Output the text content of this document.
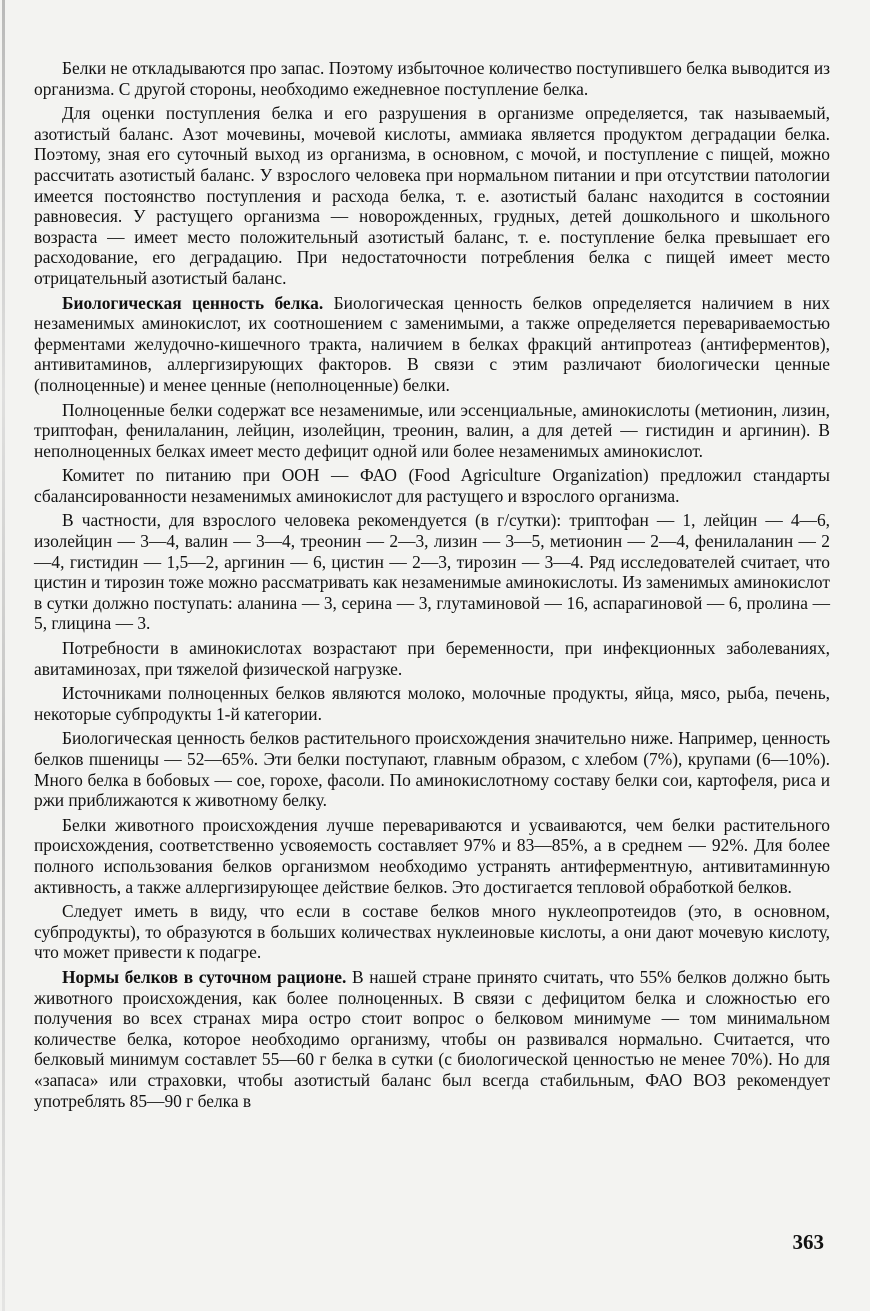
Белки не откладываются про запас. Поэтому избыточное количество поступившего белка выводится из организма. С другой стороны, необходимо ежедневное поступление белка.

Для оценки поступления белка и его разрушения в организме определяется, так называемый, азотистый баланс. Азот мочевины, мочевой кислоты, аммиака является продуктом деградации белка. Поэтому, зная его суточный выход из организма, в основном, с мочой, и поступление с пищей, можно рассчитать азотистый баланс. У взрослого человека при нормальном питании и при отсутствии патологии имеется постоянство поступления и расхода белка, т. е. азотистый баланс находится в состоянии равновесия. У растущего организма — новорожденных, грудных, детей дошкольного и школьного возраста — имеет место положительный азотистый баланс, т. е. поступление белка превышает его расходование, его деградацию. При недостаточности потребления белка с пищей имеет место отрицательный азотистый баланс.

Биологическая ценность белка. Биологическая ценность белков определяется наличием в них незаменимых аминокислот, их соотношением с заменимыми, а также определяется перевариваемостью ферментами желудочно-кишечного тракта, наличием в белках фракций антипротеаз (антиферментов), антивитаминов, аллергизирующих факторов. В связи с этим различают биологически ценные (полноценные) и менее ценные (неполноценные) белки.

Полноценные белки содержат все незаменимые, или эссенциальные, аминокислоты (метионин, лизин, триптофан, фенилаланин, лейцин, изолейцин, треонин, валин, а для детей — гистидин и аргинин). В неполноценных белках имеет место дефицит одной или более незаменимых аминокислот.

Комитет по питанию при ООН — ФАО (Food Agriculture Organization) предложил стандарты сбалансированности незаменимых аминокислот для растущего и взрослого организма.

В частности, для взрослого человека рекомендуется (в г/сутки): триптофан — 1, лейцин — 4—6, изолейцин — 3—4, валин — 3—4, треонин — 2—3, лизин — 3—5, метионин — 2—4, фенилаланин — 2—4, гистидин — 1,5—2, аргинин — 6, цистин — 2—3, тирозин — 3—4. Ряд исследователей считает, что цистин и тирозин тоже можно рассматривать как незаменимые аминокислоты. Из заменимых аминокислот в сутки должно поступать: аланина — 3, серина — 3, глутаминовой — 16, аспарагиновой — 6, пролина — 5, глицина — 3.

Потребности в аминокислотах возрастают при беременности, при инфекционных заболеваниях, авитаминозах, при тяжелой физической нагрузке.

Источниками полноценных белков являются молоко, молочные продукты, яйца, мясо, рыба, печень, некоторые субпродукты 1-й категории.

Биологическая ценность белков растительного происхождения значительно ниже. Например, ценность белков пшеницы — 52—65%. Эти белки поступают, главным образом, с хлебом (7%), крупами (6—10%). Много белка в бобовых — сое, горохе, фасоли. По аминокислотному составу белки сои, картофеля, риса и ржи приближаются к животному белку.

Белки животного происхождения лучше перевариваются и усваиваются, чем белки растительного происхождения, соответственно усвояемость составляет 97% и 83—85%, а в среднем — 92%. Для более полного использования белков организмом необходимо устранять антиферментную, антивитаминную активность, а также аллергизирующее действие белков. Это достигается тепловой обработкой белков.

Следует иметь в виду, что если в составе белков много нуклеопротеидов (это, в основном, субпродукты), то образуются в больших количествах нуклеиновые кислоты, а они дают мочевую кислоту, что может привести к подагре.

Нормы белков в суточном рационе. В нашей стране принято считать, что 55% белков должно быть животного происхождения, как более полноценных. В связи с дефицитом белка и сложностью его получения во всех странах мира остро стоит вопрос о белковом минимуме — том минимальном количестве белка, которое необходимо организму, чтобы он развивался нормально. Считается, что белковый минимум составлет 55—60 г белка в сутки (с биологической ценностью не менее 70%). Но для «запаса» или страховки, чтобы азотистый баланс был всегда стабильным, ФАО ВОЗ рекомендует употреблять 85—90 г белка в

363
